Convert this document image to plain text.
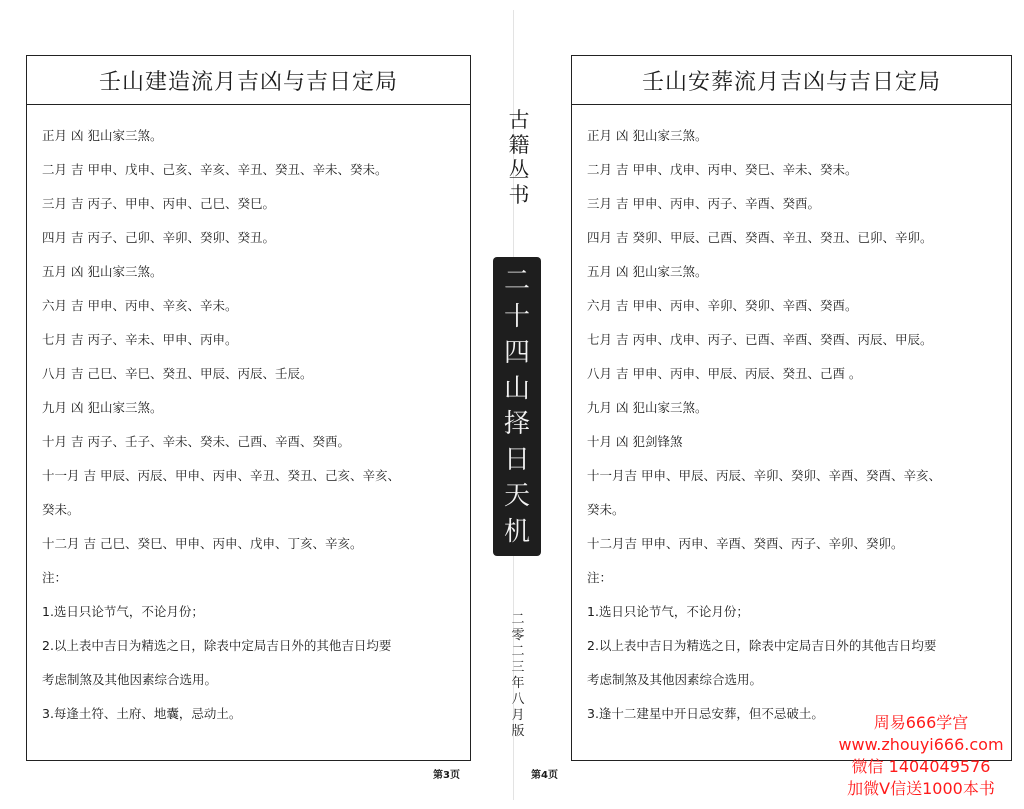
壬山建造流月吉凶与吉日定局
正月 凶 犯山家三煞。
二月 吉 甲申、戊申、己亥、辛亥、辛丑、癸丑、辛未、癸未。
三月 吉 丙子、甲申、丙申、己巳、癸巳。
四月 吉 丙子、己卯、辛卯、癸卯、癸丑。
五月 凶 犯山家三煞。
六月 吉 甲申、丙申、辛亥、辛未。
七月 吉 丙子、辛未、甲申、丙申。
八月 吉 己巳、辛巳、癸丑、甲辰、丙辰、壬辰。
九月 凶 犯山家三煞。
十月 吉 丙子、壬子、辛未、癸未、己酉、辛酉、癸酉。
十一月 吉 甲辰、丙辰、甲申、丙申、辛丑、癸丑、己亥、辛亥、
癸未。
十二月 吉 己巳、癸巳、甲申、丙申、戊申、丁亥、辛亥。
注：
1.选日只论节气，不论月份；
2.以上表中吉日为精选之日，除表中定局吉日外的其他吉日均要
考虑制煞及其他因素综合选用。
3.每逢土符、土府、地囊，忌动土。
壬山安葬流月吉凶与吉日定局
正月 凶 犯山家三煞。
二月 吉 甲申、戊申、丙申、癸巳、辛未、癸未。
三月 吉 甲申、丙申、丙子、辛酉、癸酉。
四月 吉 癸卯、甲辰、己酉、癸酉、辛丑、癸丑、已卯、辛卯。
五月 凶 犯山家三煞。
六月 吉 甲申、丙申、辛卯、癸卯、辛酉、癸酉。
七月 吉 丙申、戊申、丙子、已酉、辛酉、癸酉、丙辰、甲辰。
八月 吉 甲申、丙申、甲辰、丙辰、癸丑、己酉 。
九月 凶 犯山家三煞。
十月 凶 犯剑锋煞
十一月吉 甲申、甲辰、丙辰、辛卯、癸卯、辛酉、癸酉、辛亥、
癸未。
十二月吉 甲申、丙申、辛酉、癸酉、丙子、辛卯、癸卯。
注：
1.选日只论节气，不论月份；
2.以上表中吉日为精选之日，除表中定局吉日外的其他吉日均要
考虑制煞及其他因素综合选用。
3.逢十二建星中开日忌安葬，但不忌破土。
古
籍
丛
书
二
十
四
山
择
日
天
机
二
零
二
三
年
八
月
版
第3页	第4页
周易666学宫
www.zhouyi666.com
微信 1404049576
加微V信送1000本书
